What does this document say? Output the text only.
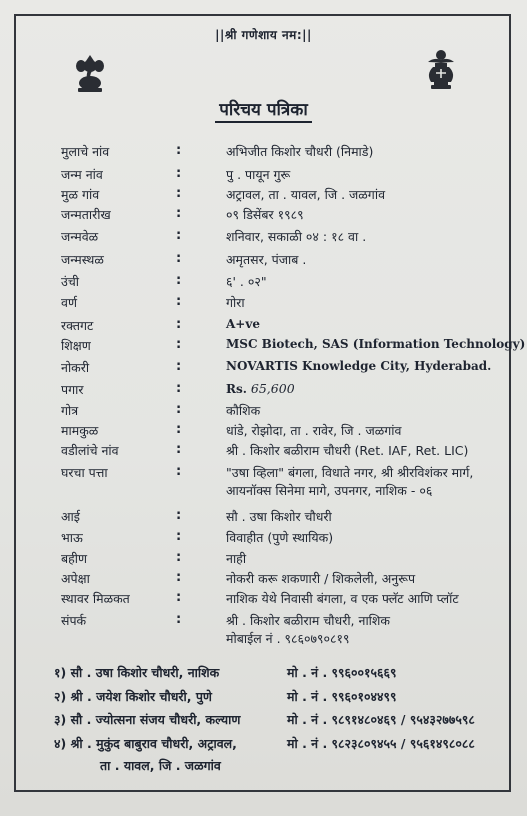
||श्री गणेशाय नम:||
परिचय पत्रिका
मुलाचे नांव	:	अभिजीत किशोर चौधरी (निमाडे)
जन्म नांव	:	पु . पायून गुरू
मुळ गांव	:	अट्रावल, ता . यावल, जि . जळगांव
जन्मतारीख	:	०९ डिसेंबर १९८९
जन्मवेळ	:	शनिवार, सकाळी ०४ : १८ वा .
जन्मस्थळ	:	अमृतसर, पंजाब .
उंची	:	६' . ०२"
वर्ण	:	गोरा
रक्तगट	:	A+ve
शिक्षण	:	MSC Biotech, SAS (Information Technology)
नोकरी	:	NOVARTIS Knowledge City, Hyderabad.
पगार	:	Rs. 65,600
गोत्र	:	कौशिक
मामकुळ	:	धांडे, रोझोदा, ता . रावेर, जि . जळगांव
वडीलांचे नांव	:	श्री . किशोर बळीराम चौधरी (Ret. IAF, Ret. LIC)
घरचा पत्ता	:	"उषा व्हिला" बंगला, विधाते नगर, श्री श्रीरविशंकर मार्ग,
आयनॉक्स सिनेमा मागे, उपनगर, नाशिक - ०६
आई	:	सौ . उषा किशोर चौधरी
भाऊ	:	विवाहीत (पुणे स्थायिक)
बहीण	:	नाही
अपेक्षा	:	नोकरी करू शकणारी / शिकलेली, अनुरूप
स्थावर मिळकत	:	नाशिक येथे निवासी बंगला, व एक फ्लॅट आणि प्लॉट
संपर्क	:	श्री . किशोर बळीराम चौधरी, नाशिक
मोबाईल नं . ९८६०७९०८१९
१) सौ . उषा किशोर चौधरी, नाशिक	मो . नं . ९९६००१५६६९
२) श्री . जयेश किशोर चौधरी, पुणे	मो . नं . ९९६०१०४४९९
३) सौ . ज्योत्सना संजय चौधरी, कल्याण	मो . नं . ९८९१४८०४६९ / ९५४३२७७५९८
४) श्री . मुकुंद बाबुराव चौधरी, अट्रावल,	मो . नं . ९८२३८०९४५५ / ९५६१४९८०८८
ता . यावल, जि . जळगांव
